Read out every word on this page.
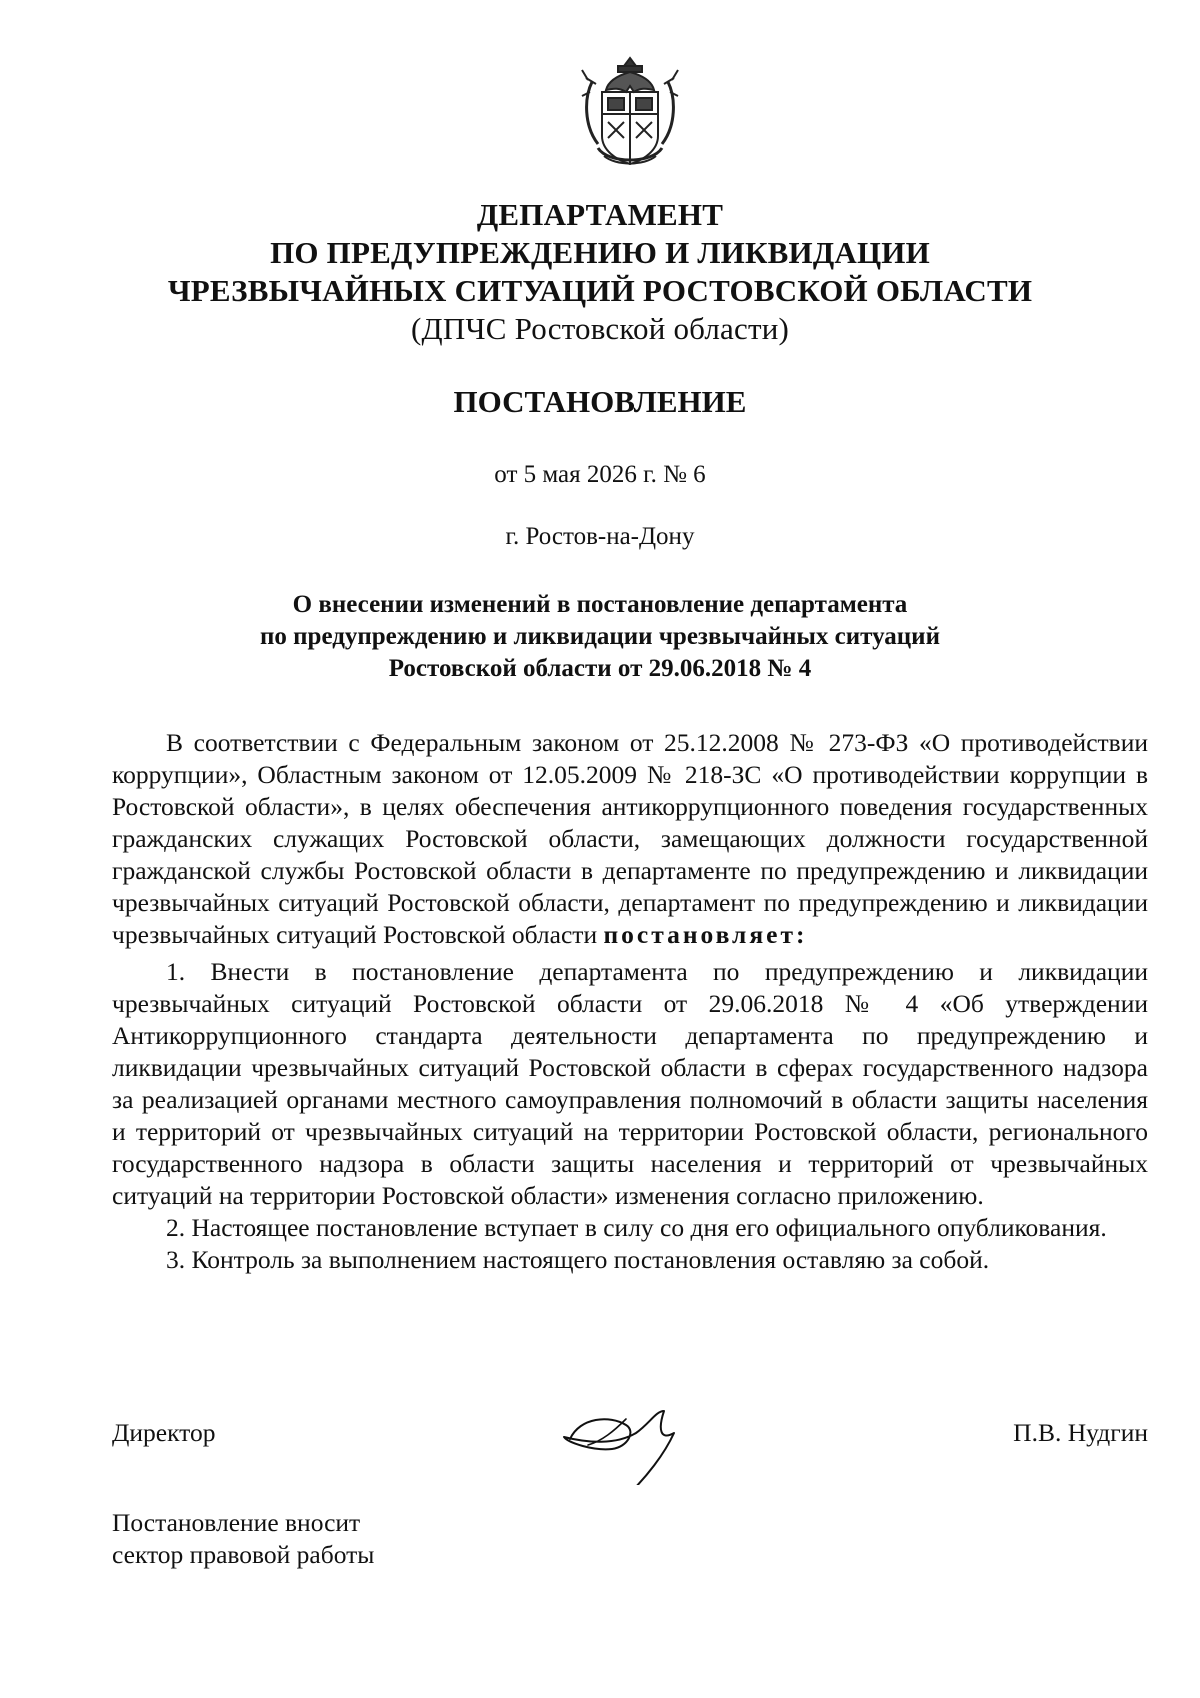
ДЕПАРТАМЕНТ
ПО ПРЕДУПРЕЖДЕНИЮ И ЛИКВИДАЦИИ
ЧРЕЗВЫЧАЙНЫХ СИТУАЦИЙ РОСТОВСКОЙ ОБЛАСТИ
(ДПЧС Ростовской области)
ПОСТАНОВЛЕНИЕ
от 5 мая 2026 г. № 6
г. Ростов-на-Дону
О внесении изменений в постановление департамента
по предупреждению и ликвидации чрезвычайных ситуаций
Ростовской области от 29.06.2018 № 4

В соответствии с Федеральным законом от 25.12.2008 № 273-ФЗ «О противодействии коррупции», Областным законом от 12.05.2009 № 218-ЗС «О противодействии коррупции в Ростовской области», в целях обеспечения антикоррупционного поведения государственных гражданских служащих Ростовской области, замещающих должности государственной гражданской службы Ростовской области в департаменте по предупреждению и ликвидации чрезвычайных ситуаций Ростовской области, департамент по предупреждению и ликвидации чрезвычайных ситуаций Ростовской области постановляет:

1. Внести в постановление департамента по предупреждению и ликвидации чрезвычайных ситуаций Ростовской области от 29.06.2018 № 4 «Об утверждении Антикоррупционного стандарта деятельности департамента по предупреждению и ликвидации чрезвычайных ситуаций Ростовской области в сферах государственного надзора за реализацией органами местного самоуправления полномочий в области защиты населения и территорий от чрезвычайных ситуаций на территории Ростовской области, регионального государственного надзора в области защиты населения и территорий от чрезвычайных ситуаций на территории Ростовской области» изменения согласно приложению.

2. Настоящее постановление вступает в силу со дня его официального опубликования.

3. Контроль за выполнением настоящего постановления оставляю за собой.

Директор	П.В. Нудгин
Постановление вносит
сектор правовой работы
